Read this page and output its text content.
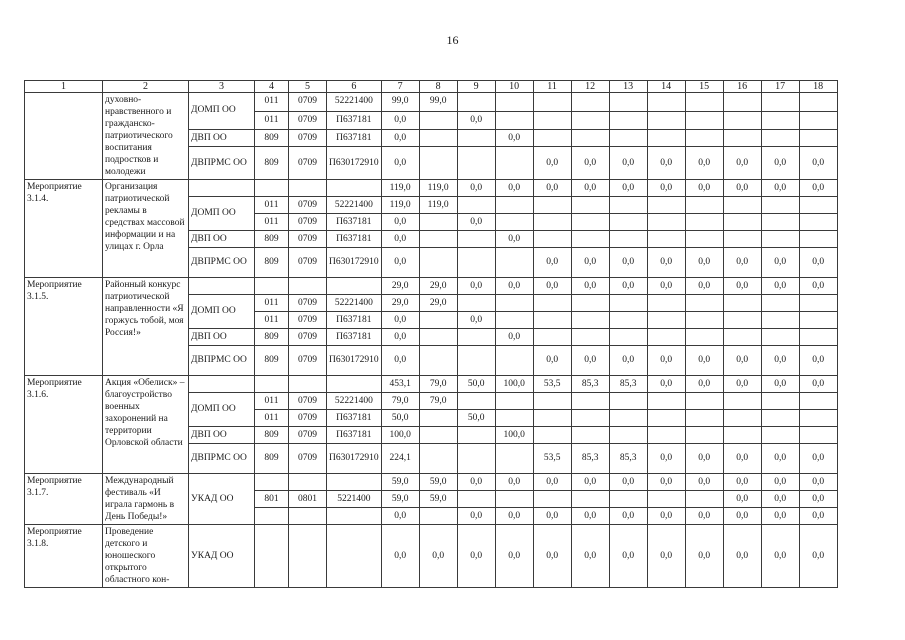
16
1	2	3	4	5	6	7	8	9	10	11	12	13	14	15	16	17	18
	духовно-нравственного и гражданско-патриотического воспитания подростков и молодежи	ДОМП ОО	011	0709	52221400	99,0	99,0										
			011	0709	П637181	0,0		0,0									
		ДВП ОО	809	0709	П637181	0,0			0,0								
		ДВПРМС ОО	809	0709	П630172910	0,0				0,0	0,0	0,0	0,0	0,0	0,0	0,0	0,0
Мероприятие 3.1.4.	Организация патриотической рекламы в средствах массовой информации и на улицах г. Орла					119,0	119,0	0,0	0,0	0,0	0,0	0,0	0,0	0,0	0,0	0,0	0,0
		ДОМП ОО	011	0709	52221400	119,0	119,0										
			011	0709	П637181	0,0		0,0									
		ДВП ОО	809	0709	П637181	0,0			0,0								
		ДВПРМС ОО	809	0709	П630172910	0,0				0,0	0,0	0,0	0,0	0,0	0,0	0,0	0,0
Мероприятие 3.1.5.	Районный конкурс патриотической направленности «Я горжусь тобой, моя Россия!»					29,0	29,0	0,0	0,0	0,0	0,0	0,0	0,0	0,0	0,0	0,0	0,0
		ДОМП ОО	011	0709	52221400	29,0	29,0										
			011	0709	П637181	0,0		0,0									
		ДВП ОО	809	0709	П637181	0,0			0,0								
		ДВПРМС ОО	809	0709	П630172910	0,0				0,0	0,0	0,0	0,0	0,0	0,0	0,0	0,0
Мероприятие 3.1.6.	Акция «Обелиск» – благоустройство военных захоронений на территории Орловской области					453,1	79,0	50,0	100,0	53,5	85,3	85,3	0,0	0,0	0,0	0,0	0,0
		ДОМП ОО	011	0709	52221400	79,0	79,0										
			011	0709	П637181	50,0		50,0									
		ДВП ОО	809	0709	П637181	100,0			100,0								
		ДВПРМС ОО	809	0709	П630172910	224,1				53,5	85,3	85,3	0,0	0,0	0,0	0,0	0,0
Мероприятие 3.1.7.	Международный фестиваль «И играла гармонь в День Победы!»	УКАД ОО				59,0	59,0	0,0	0,0	0,0	0,0	0,0	0,0	0,0	0,0	0,0	0,0
			801	0801	5221400	59,0	59,0								0,0	0,0	0,0
						0,0		0,0	0,0	0,0	0,0	0,0	0,0	0,0	0,0	0,0	0,0
Мероприятие 3.1.8.	Проведение детского и юношеского открытого областного кон-	УКАД ОО				0,0	0,0	0,0	0,0	0,0	0,0	0,0	0,0	0,0	0,0	0,0	0,0
